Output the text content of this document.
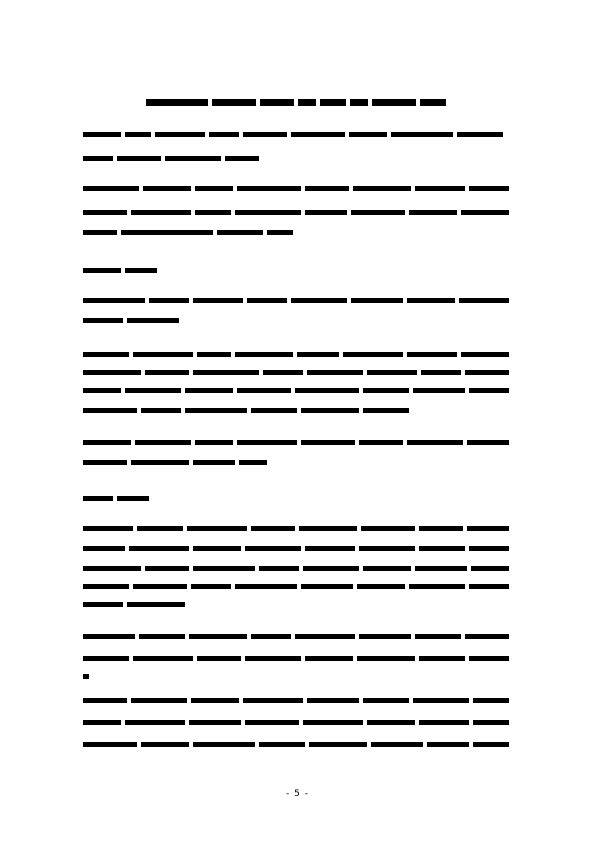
- 5 -
